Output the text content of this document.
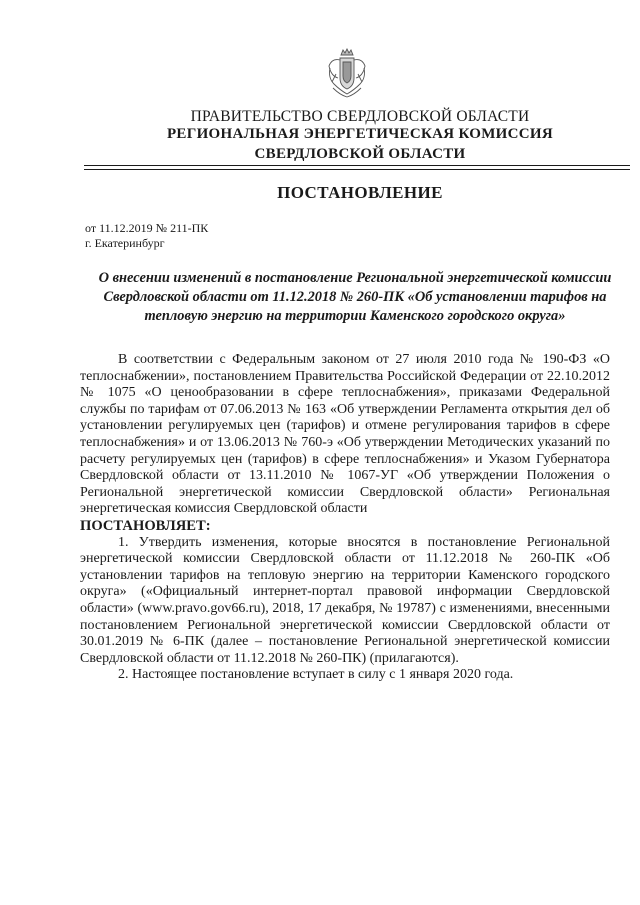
ПРАВИТЕЛЬСТВО СВЕРДЛОВСКОЙ ОБЛАСТИ
РЕГИОНАЛЬНАЯ ЭНЕРГЕТИЧЕСКАЯ КОМИССИЯ
СВЕРДЛОВСКОЙ ОБЛАСТИ
ПОСТАНОВЛЕНИЕ
от 11.12.2019 № 211-ПК
г. Екатеринбург
О внесении изменений в постановление Региональной энергетической комиссии Свердловской области от 11.12.2018 № 260-ПК «Об установлении тарифов на тепловую энергию на территории Каменского городского округа»

В соответствии с Федеральным законом от 27 июля 2010 года № 190-ФЗ «О теплоснабжении», постановлением Правительства Российской Федерации от 22.10.2012 № 1075 «О ценообразовании в сфере теплоснабжения», приказами Федеральной службы по тарифам от 07.06.2013 № 163 «Об утверждении Регламента открытия дел об установлении регулируемых цен (тарифов) и отмене регулирования тарифов в сфере теплоснабжения» и от 13.06.2013 № 760-э «Об утверждении Методических указаний по расчету регулируемых цен (тарифов) в сфере теплоснабжения» и Указом Губернатора Свердловской области от 13.11.2010 № 1067-УГ «Об утверждении Положения о Региональной энергетической комиссии Свердловской области» Региональная энергетическая комиссия Свердловской области

ПОСТАНОВЛЯЕТ:

1. Утвердить изменения, которые вносятся в постановление Региональной энергетической комиссии Свердловской области от 11.12.2018 № 260-ПК «Об установлении тарифов на тепловую энергию на территории Каменского городского округа» («Официальный интернет-портал правовой информации Свердловской области» (www.pravo.gov66.ru), 2018, 17 декабря, № 19787) с изменениями, внесенными постановлением Региональной энергетической комиссии Свердловской области от 30.01.2019 № 6-ПК (далее – постановление Региональной энергетической комиссии Свердловской области от 11.12.2018 № 260-ПК) (прилагаются).

2. Настоящее постановление вступает в силу с 1 января 2020 года.
